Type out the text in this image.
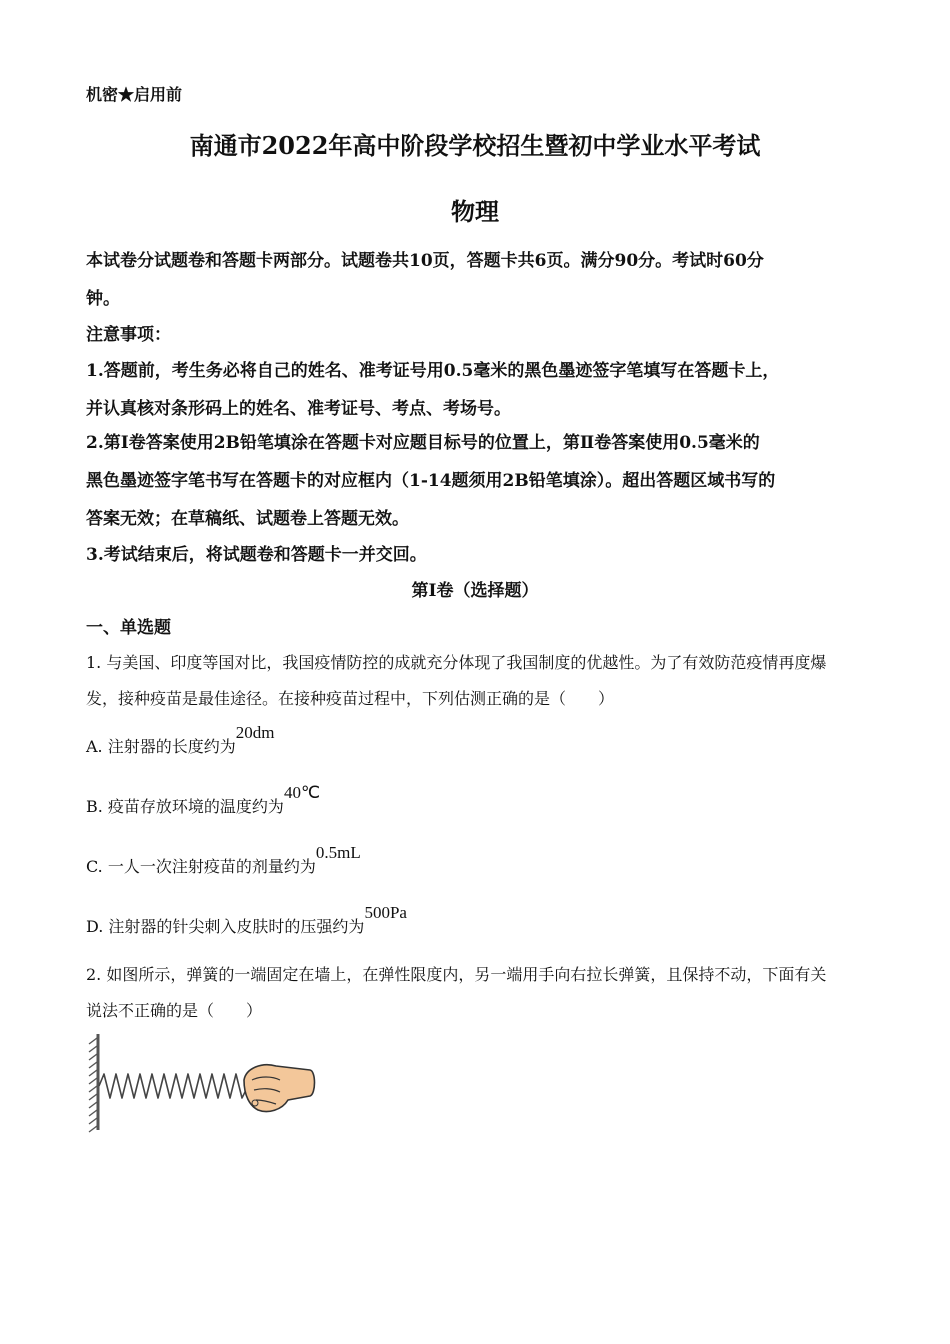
机密★启用前
南通市2022年高中阶段学校招生暨初中学业水平考试
物理
本试卷分试题卷和答题卡两部分。试题卷共10页，答题卡共6页。满分90分。考试时60分
钟。
注意事项：
1.答题前，考生务必将自己的姓名、准考证号用0.5毫米的黑色墨迹签字笔填写在答题卡上，
并认真核对条形码上的姓名、准考证号、考点、考场号。
2.第Ⅰ卷答案使用2B铅笔填涂在答题卡对应题目标号的位置上，第Ⅱ卷答案使用0.5毫米的
黑色墨迹签字笔书写在答题卡的对应框内（1-14题须用2B铅笔填涂）。超出答题区域书写的
答案无效；在草稿纸、试题卷上答题无效。
3.考试结束后，将试题卷和答题卡一并交回。
第I卷（选择题）
一、单选题
1. 与美国、印度等国对比，我国疫情防控的成就充分体现了我国制度的优越性。为了有效防范疫情再度爆
发，接种疫苗是最佳途径。在接种疫苗过程中，下列估测正确的是（　　）
A. 注射器的长度约为20dm
B. 疫苗存放环境的温度约为40℃
C. 一人一次注射疫苗的剂量约为0.5mL
D. 注射器的针尖刺入皮肤时的压强约为500Pa
2. 如图所示，弹簧的一端固定在墙上，在弹性限度内，另一端用手向右拉长弹簧，且保持不动，下面有关
说法不正确的是（　　）
